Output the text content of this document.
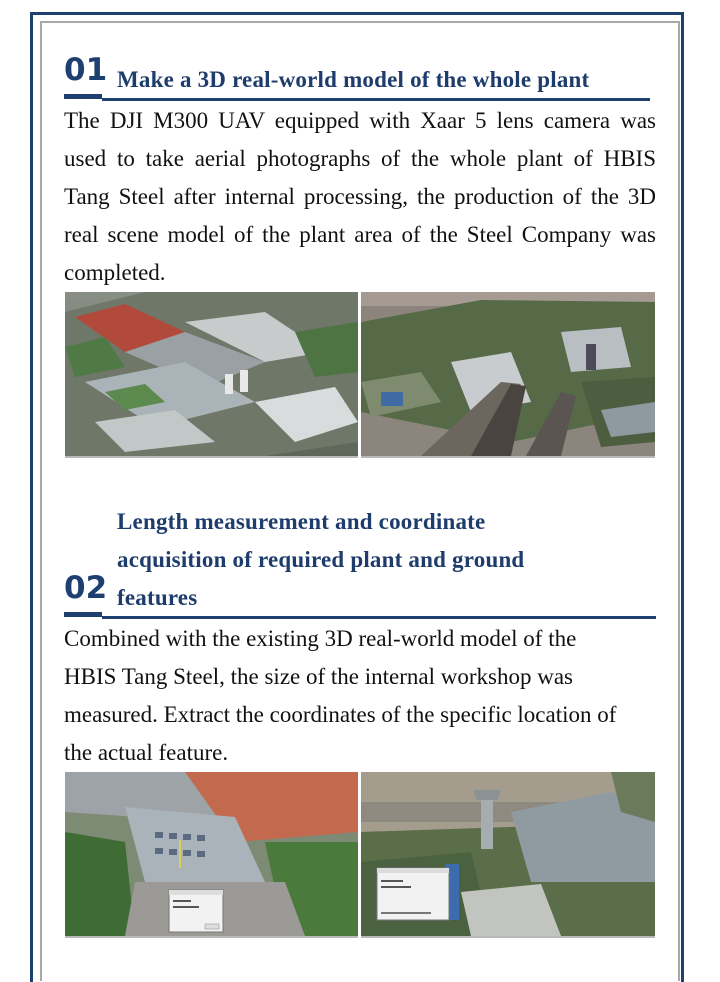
01 Make a 3D real-world model of the whole plant
The DJI M300 UAV equipped with Xaar 5 lens camera was used to take aerial photographs of the whole plant of HBIS Tang Steel after internal processing, the production of the 3D real scene model of the plant area of the Steel Company was completed.
Length measurement and coordinate
acquisition of required plant and ground
features
02
Combined with the existing 3D real-world model of the
HBIS Tang Steel, the size of the internal workshop was
measured. Extract the coordinates of the specific location of
the actual feature.
